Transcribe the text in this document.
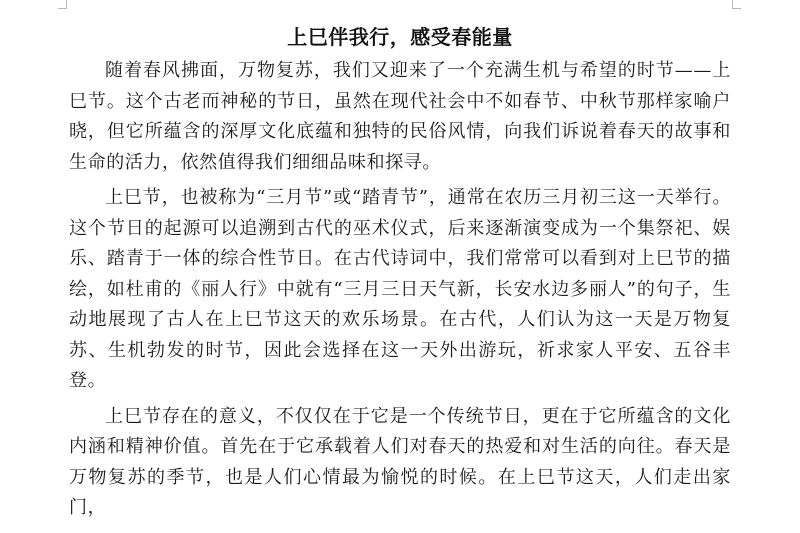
上巳伴我行，感受春能量

随着春风拂面，万物复苏，我们又迎来了一个充满生机与希望的时节——上巳节。这个古老而神秘的节日，虽然在现代社会中不如春节、中秋节那样家喻户晓，但它所蕴含的深厚文化底蕴和独特的民俗风情，向我们诉说着春天的故事和生命的活力，依然值得我们细细品味和探寻。

上巳节，也被称为“三月节”或“踏青节”，通常在农历三月初三这一天举行。这个节日的起源可以追溯到古代的巫术仪式，后来逐渐演变成为一个集祭祀、娱乐、踏青于一体的综合性节日。在古代诗词中，我们常常可以看到对上巳节的描绘，如杜甫的《丽人行》中就有“三月三日天气新，长安水边多丽人”的句子，生动地展现了古人在上巳节这天的欢乐场景。在古代，人们认为这一天是万物复苏、生机勃发的时节，因此会选择在这一天外出游玩，祈求家人平安、五谷丰登。

上巳节存在的意义，不仅仅在于它是一个传统节日，更在于它所蕴含的文化内涵和精神价值。首先在于它承载着人们对春天的热爱和对生活的向往。春天是万物复苏的季节，也是人们心情最为愉悦的时候。在上巳节这天，人们走出家门，
